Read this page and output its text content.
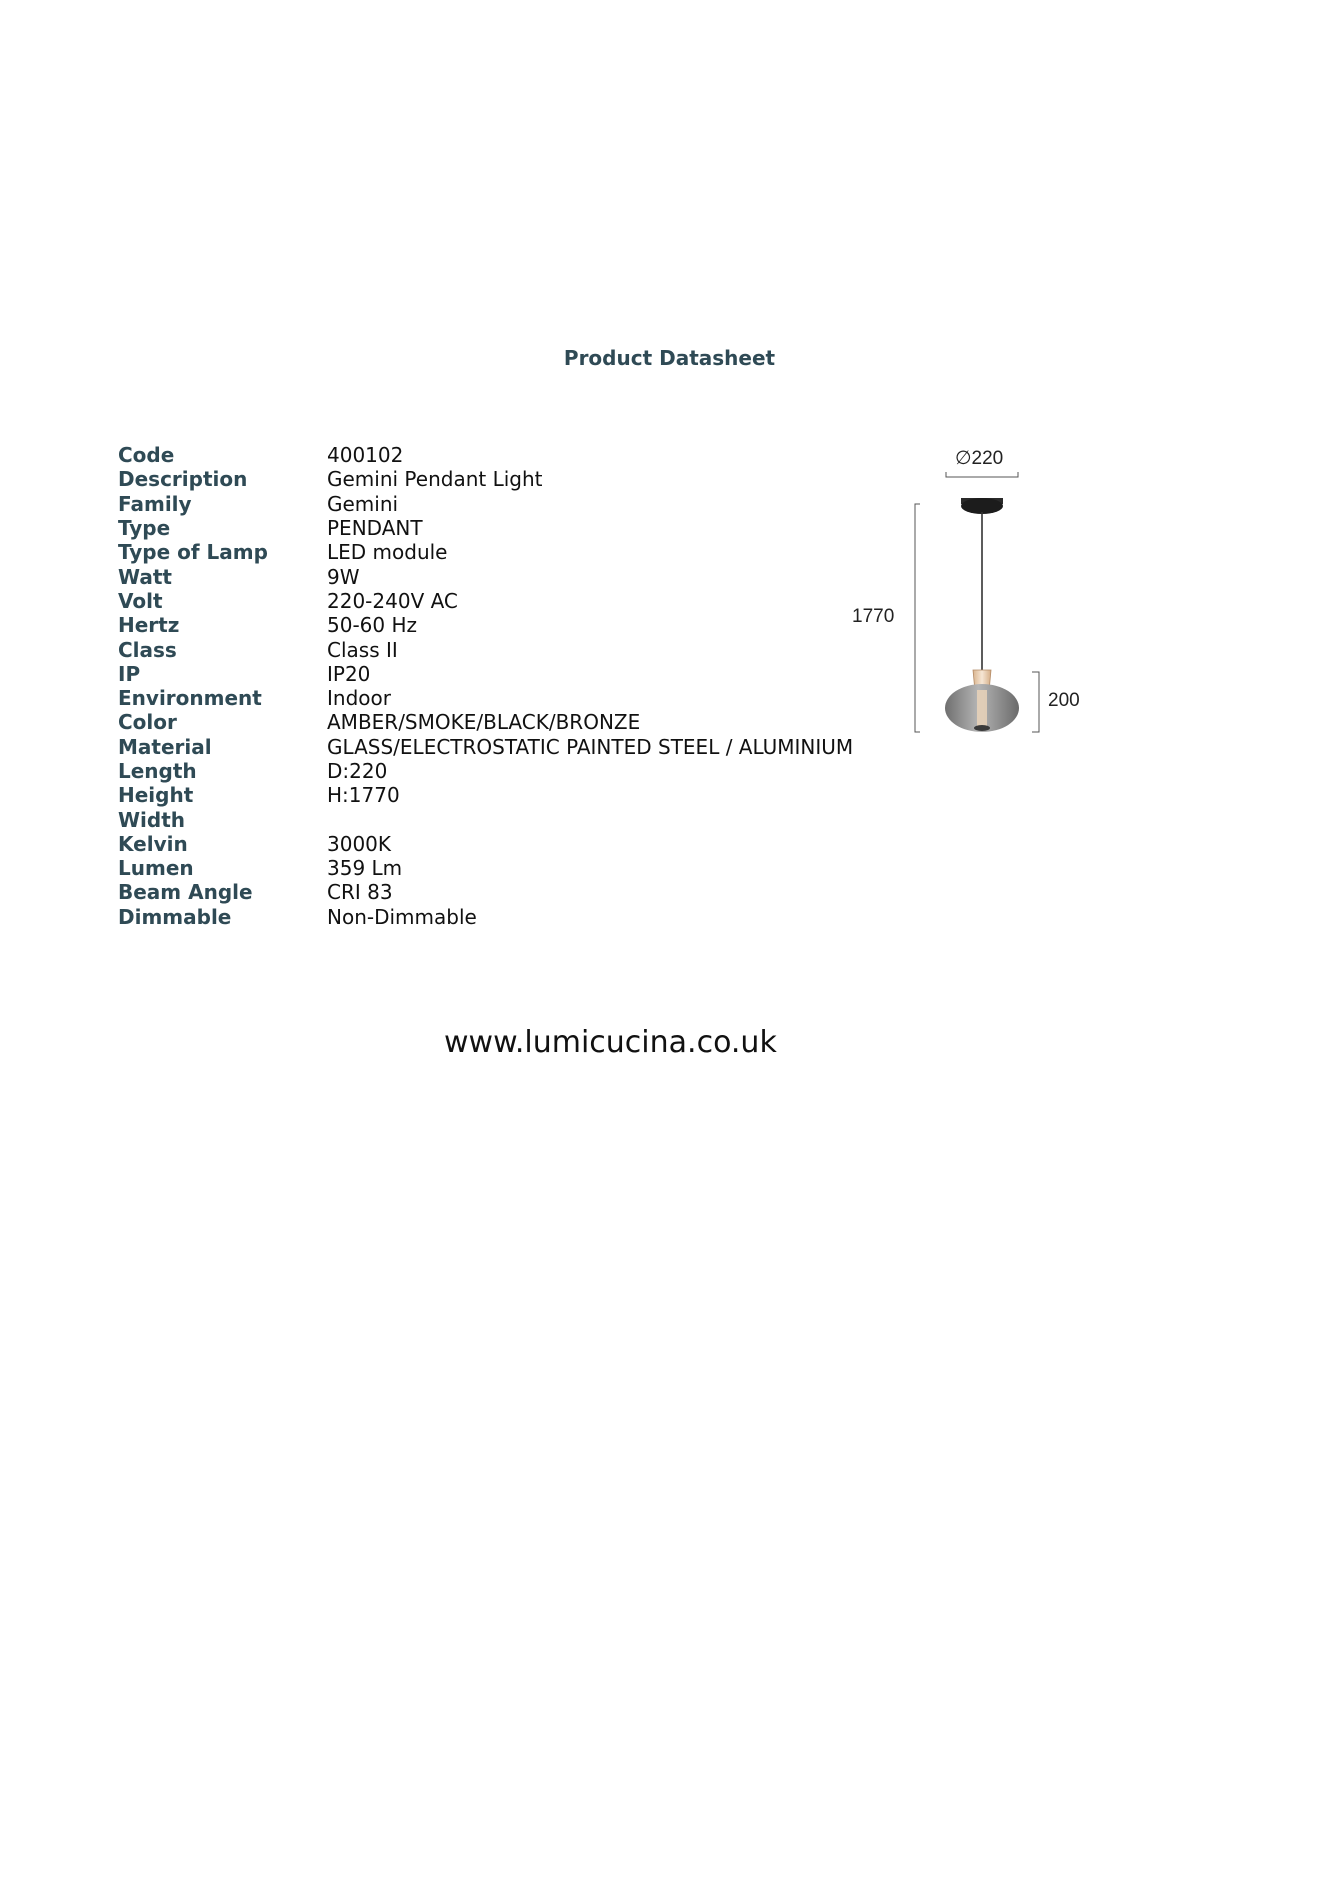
Product Datasheet
Code	400102
Description	Gemini Pendant Light
Family	Gemini
Type	PENDANT
Type of Lamp	LED module
Watt	9W
Volt	220-240V AC
Hertz	50-60 Hz
Class	Class II
IP	IP20
Environment	Indoor
Color	AMBER/SMOKE/BLACK/BRONZE
Material	GLASS/ELECTROSTATIC PAINTED STEEL / ALUMINIUM
Length	D:220
Height	H:1770
Width
Kelvin	3000K
Lumen	359 Lm
Beam Angle	CRI 83
Dimmable	Non-Dimmable
∅220
1770
200
www.lumicucina.co.uk
